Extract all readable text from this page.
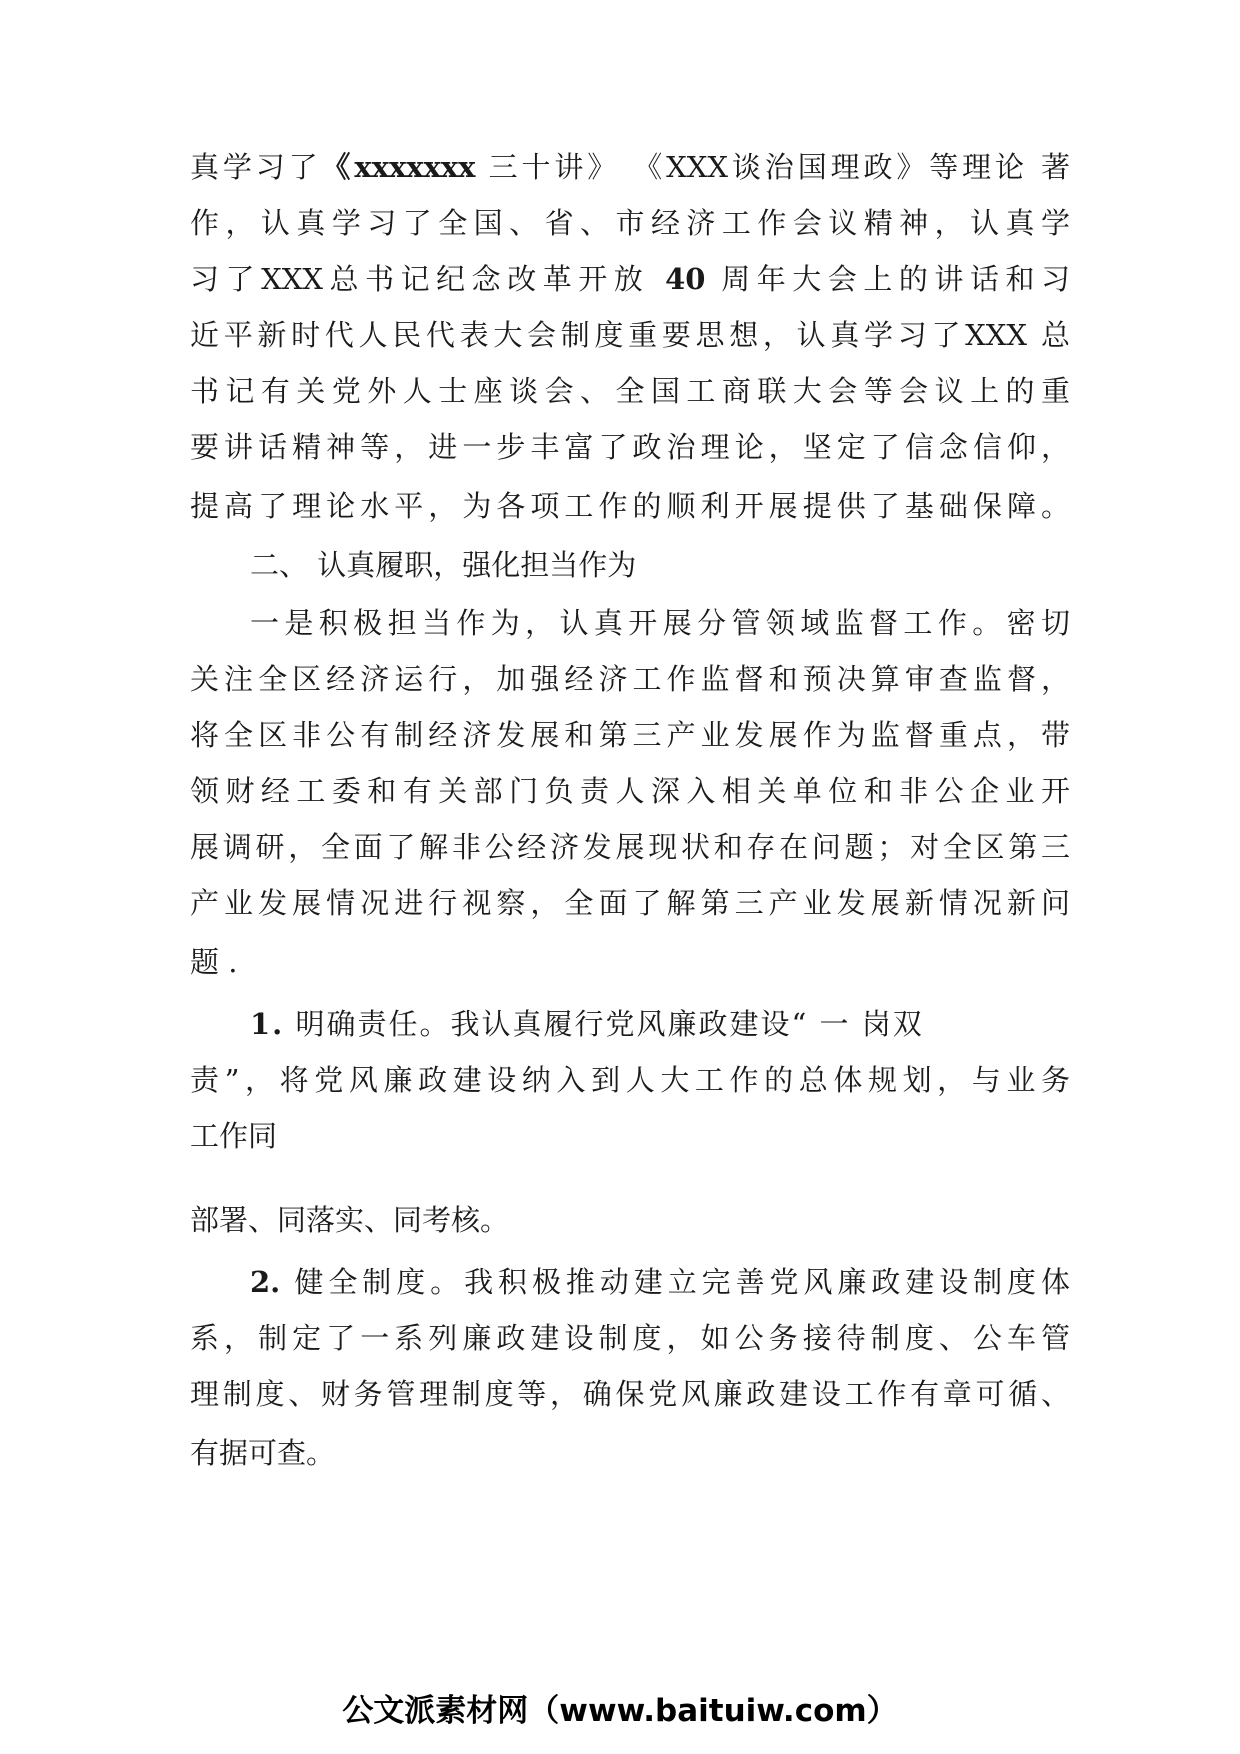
真学习了《xxxxxxx 三十讲》 《XXX谈治国理政》等理论 著
作，认真学习了全国、省、市经济工作会议精神，认真学
习了XXX总书记纪念改革开放 40 周年大会上的讲话和习
近平新时代人民代表大会制度重要思想，认真学习了XXX 总
书记有关党外人士座谈会、全国工商联大会等会议上的重
要讲话精神等，进一步丰富了政治理论，坚定了信念信仰，
提高了理论水平，为各项工作的顺利开展提供了基础保障。
二、 认真履职，强化担当作为
一是积极担当作为，认真开展分管领域监督工作。密切
关注全区经济运行，加强经济工作监督和预决算审查监督，
将全区非公有制经济发展和第三产业发展作为监督重点，带
领财经工委和有关部门负责人深入相关单位和非公企业开
展调研，全面了解非公经济发展现状和存在问题；对全区第三
产业发展情况进行视察，全面了解第三产业发展新情况新问
题 .
1. 明确责任。我认真履行党风廉政建设“ 一 岗双
责”，将党风廉政建设纳入到人大工作的总体规划，与业务
工作同
部署、同落实、同考核。
2. 健全制度。我积极推动建立完善党风廉政建设制度体
系，制定了一系列廉政建设制度，如公务接待制度、公车管
理制度、财务管理制度等，确保党风廉政建设工作有章可循、
有据可查。
公文派素材网（www.baituiw.com）
